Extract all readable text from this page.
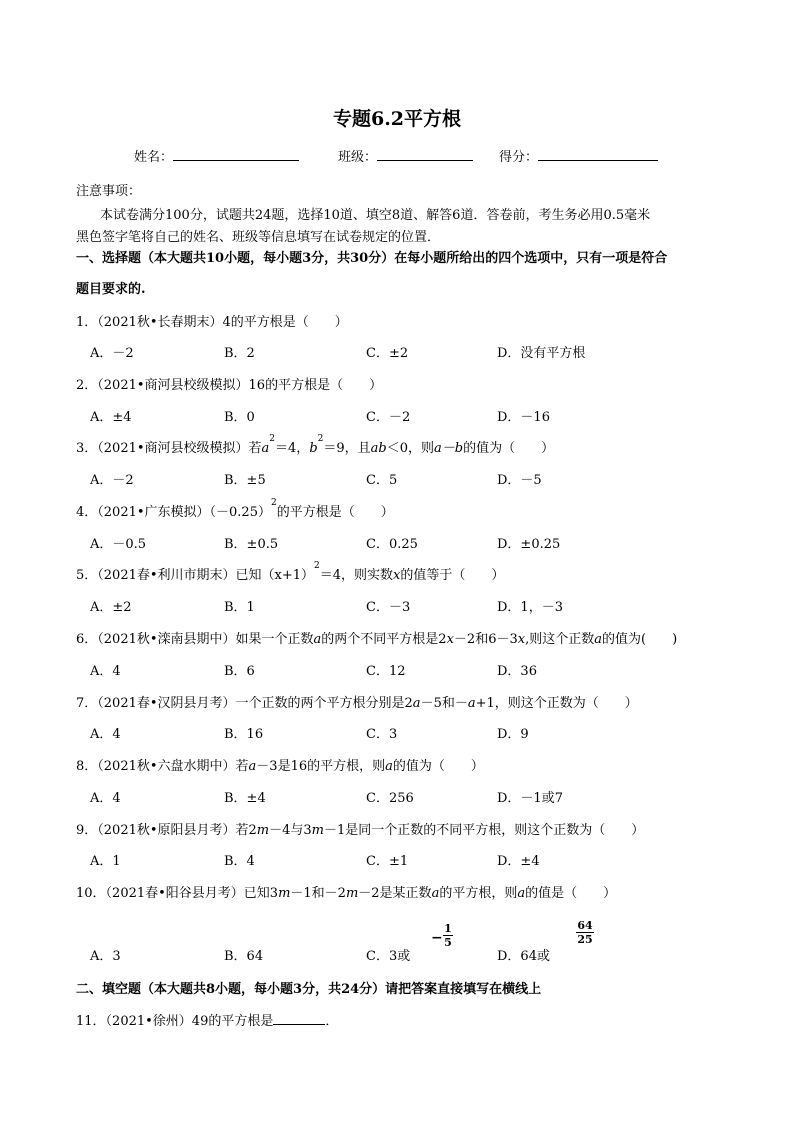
专题6.2平方根
姓名：	班级：	得分：
注意事项：
本试卷满分100分，试题共24题，选择10道、填空8道、解答6道．答卷前，考生务必用0.5毫米
黑色签字笔将自己的姓名、班级等信息填写在试卷规定的位置．
一、选择题（本大题共10小题，每小题3分，共30分）在每小题所给出的四个选项中，只有一项是符合
题目要求的.
1．（2021秋•长春期末）4的平方根是（　　）
A．－2	B．2	C．±2	D．没有平方根
2．（2021•商河县校级模拟）16的平方根是（　　）
A．±4	B．0	C．－2	D．－16
3．（2021•商河县校级模拟）若$a^2=4$，$b^2=9$，且ab＜0，则a－b的值为（　　）
A．－2	B．±5	C．5	D．－5
4．（2021•广东模拟）$(-0.25)^2$的平方根是（　　）
A．－0.5	B．±0.5	C．0.25	D．±0.25
5．（2021春•利川市期末）已知$(x+1)^2=4$，则实数x的值等于（　　）
A．±2	B．1	C．－3	D．1，－3
6．（2021秋•滦南县期中）如果一个正数a的两个不同平方根是2x－2和6－3x,则这个正数a的值为(　　)
A．4	B．6	C．12	D．36
7．（2021春•汉阴县月考）一个正数的两个平方根分别是2a－5和－a+1，则这个正数为（　　）
A．4	B．16	C．3	D．9
8．（2021秋•六盘水期中）若a－3是16的平方根，则a的值为（　　）
A．4	B．±4	C．256	D．－1或7
9．（2021秋•原阳县月考）若2m－4与3m－1是同一个正数的不同平方根，则这个正数为（　　）
A．1	B．4	C．±1	D．±4
10．（2021春•阳谷县月考）已知3m－1和－2m－2是某正数a的平方根，则a的值是（　　）
A．3	B．64	C．3或
− $\frac{1}{5}$
D．64或
$\frac{64}{25}$
二、填空题（本大题共8小题，每小题3分，共24分）请把答案直接填写在横线上
11．（2021•徐州）49的平方根是	．
